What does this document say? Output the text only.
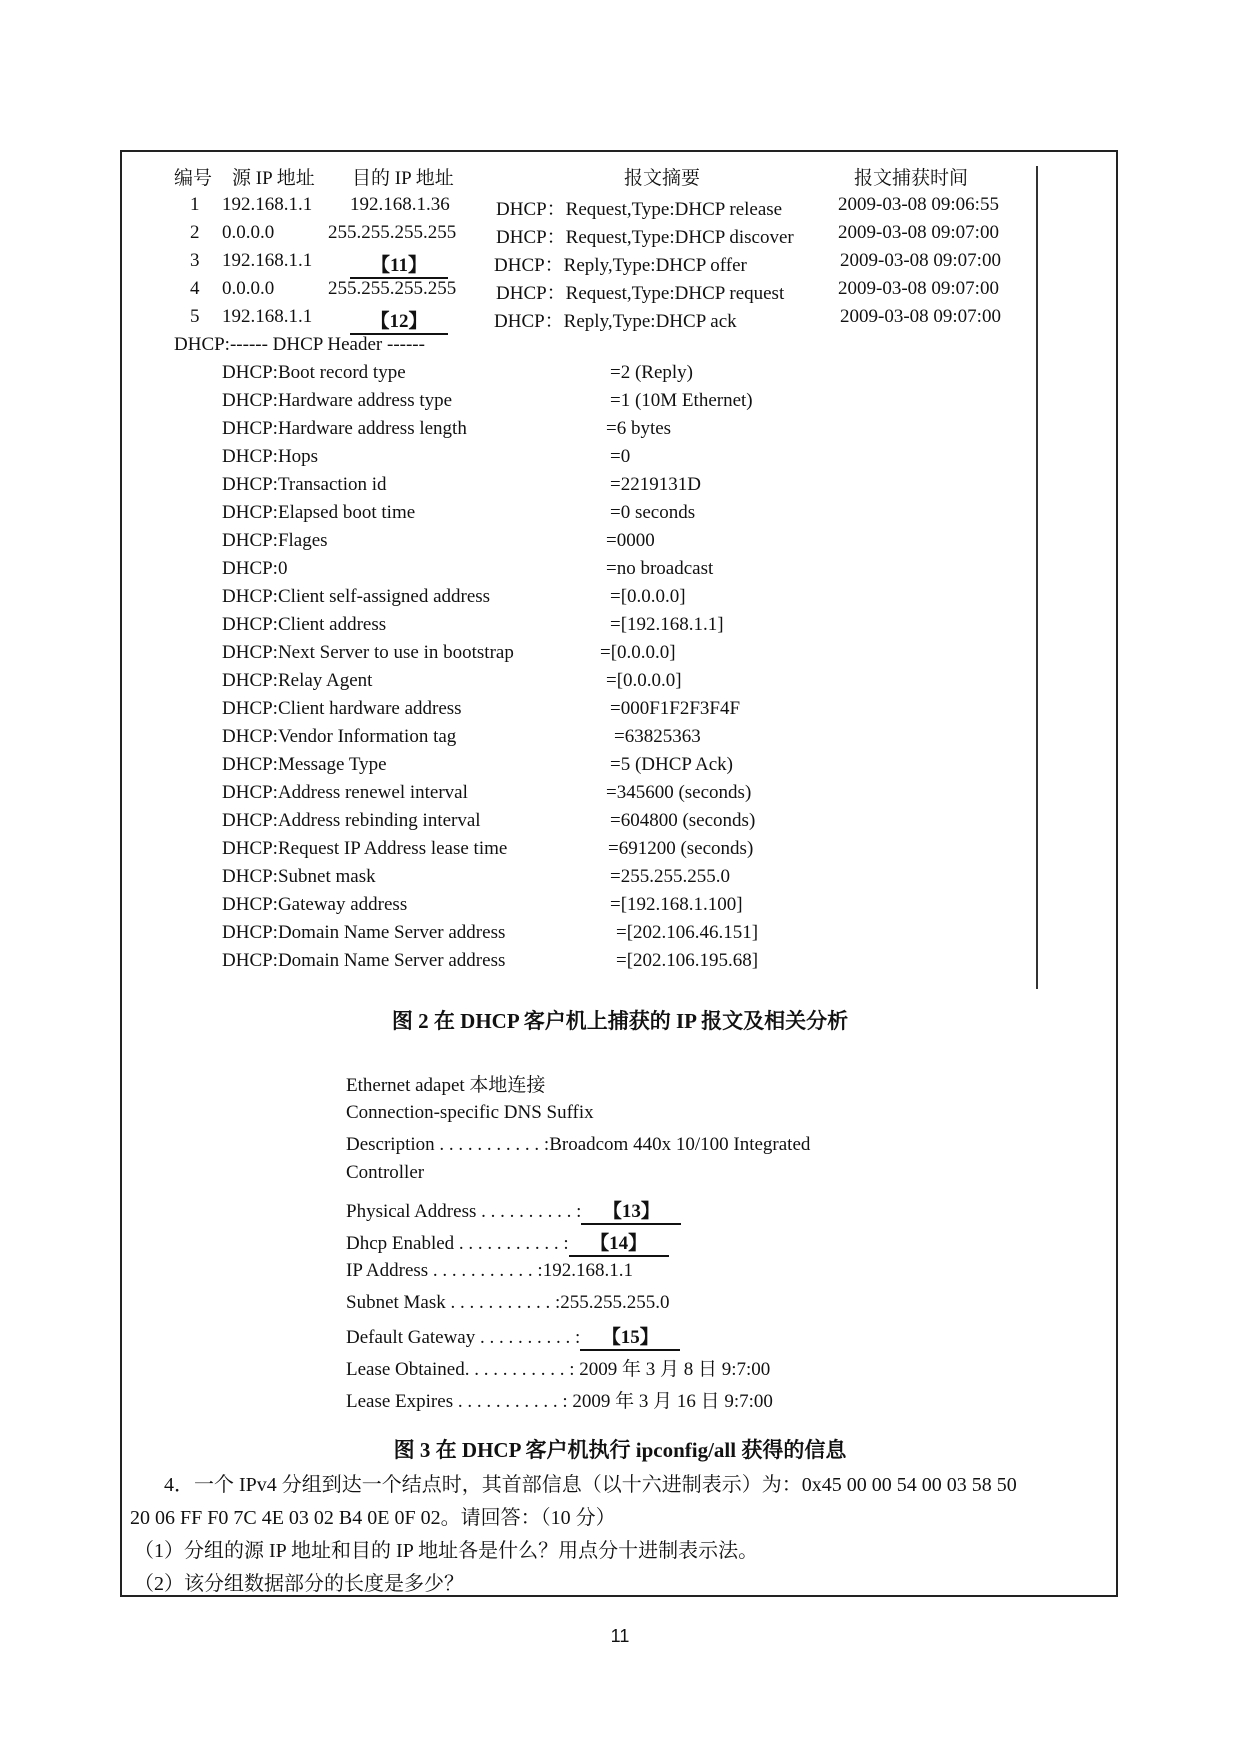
编号 源 IP 地址 目的 IP 地址	报文摘要	报文捕获时间
1 192.168.1.1 192.168.1.36 DHCP：Request,Type:DHCP release	2009-03-08 09:06:55
2 0.0.0.0	255.255.255.255 DHCP：Request,Type:DHCP discover 2009-03-08 09:07:00
3 192.168.1.1	【11】	DHCP：Reply,Type:DHCP offer	2009-03-08 09:07:00
4 0.0.0.0	255.255.255.255 DHCP：Request,Type:DHCP request	2009-03-08 09:07:00
5 192.168.1.1	【12】	DHCP：Reply,Type:DHCP ack	2009-03-08 09:07:00
DHCP:------ DHCP Header ------
DHCP:Boot record type	=2 (Reply)
DHCP:Hardware address type	=1 (10M Ethernet)
DHCP:Hardware address length	=6 bytes
DHCP:Hops	=0
DHCP:Transaction id	=2219131D
DHCP:Elapsed boot time	=0 seconds
DHCP:Flages	=0000
DHCP:0	=no broadcast
DHCP:Client self-assigned address	=[0.0.0.0]
DHCP:Client address	=[192.168.1.1]
DHCP:Next Server to use in bootstrap	=[0.0.0.0]
DHCP:Relay Agent	=[0.0.0.0]
DHCP:Client hardware address	=000F1F2F3F4F
DHCP:Vendor Information tag	=63825363
DHCP:Message Type	=5 (DHCP Ack)
DHCP:Address renewel interval	=345600 (seconds)
DHCP:Address rebinding interval	=604800 (seconds)
DHCP:Request IP Address lease time	=691200 (seconds)
DHCP:Subnet mask	=255.255.255.0
DHCP:Gateway address	=[192.168.1.100]
DHCP:Domain Name Server address	=[202.106.46.151]
DHCP:Domain Name Server address	=[202.106.195.68]
图 2 在 DHCP 客户机上捕获的 IP 报文及相关分析
Ethernet adapet 本地连接
Connection-specific DNS Suffix
Description . . . . . . . . . . . :Broadcom 440x 10/100 Integrated
Controller
Physical Address . . . . . . . . . . : 【13】
Dhcp Enabled . . . . . . . . . . . : 【14】
IP Address . . . . . . . . . . . :192.168.1.1
Subnet Mask . . . . . . . . . . . :255.255.255.0
Default Gateway . . . . . . . . . . : 【15】
Lease Obtained. . . . . . . . . . . : 2009 年 3 月 8 日 9:7:00
Lease Expires . . . . . . . . . . . : 2009 年 3 月 16 日 9:7:00
图 3 在 DHCP 客户机执行 ipconfig/all 获得的信息
4．一个 IPv4 分组到达一个结点时，其首部信息（以十六进制表示）为：0x45 00 00 54 00 03 58 50
20 06 FF F0 7C 4E 03 02 B4 0E 0F 02。请回答：（10 分）
（1）分组的源 IP 地址和目的 IP 地址各是什么？用点分十进制表示法。
（2）该分组数据部分的长度是多少？
11
